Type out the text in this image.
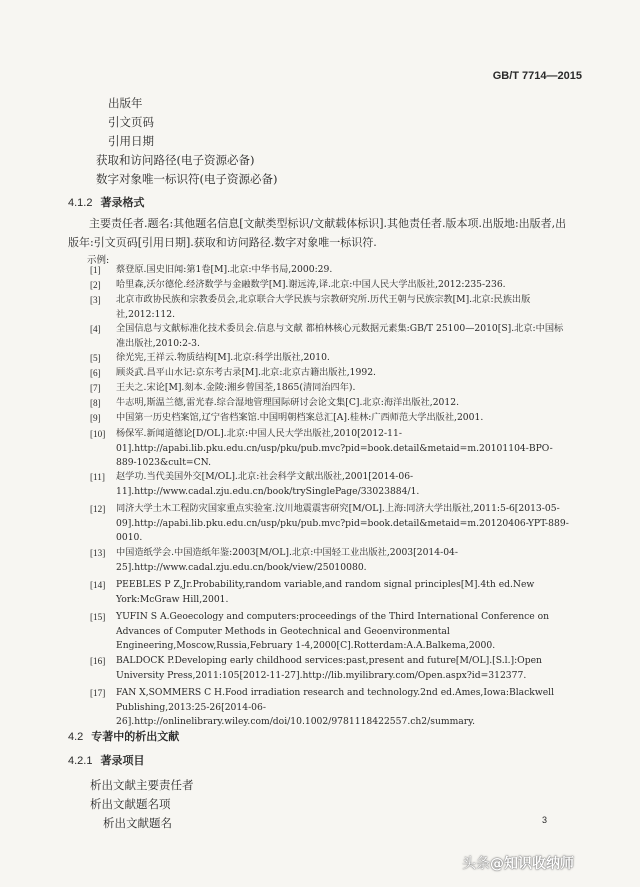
GB/T 7714—2015
出版年
引文页码
引用日期
获取和访问路径(电子资源必备)
数字对象唯一标识符(电子资源必备)
4.1.2 著录格式
主要责任者.题名:其他题名信息[文献类型标识/文献载体标识].其他责任者.版本项.出版地:出版者,出版年:引文页码[引用日期].获取和访问路径.数字对象唯一标识符.
示例:
[1] 蔡登原.国史旧闻:第1卷[M].北京:中华书局,2000:29.
[2] 哈里森,沃尔德伦.经济数学与金融数学[M].谢远涛,译.北京:中国人民大学出版社,2012:235-236.
[3] 北京市政协民族和宗教委员会,北京联合大学民族与宗教研究所.历代王朝与民族宗教[M].北京:民族出版社,2012:112.
[4] 全国信息与文献标准化技术委员会.信息与文献 都柏林核心元数据元素集:GB/T 25100—2010[S].北京:中国标准出版社,2010:2-3.
[5] 徐光宪,王祥云.物质结构[M].北京:科学出版社,2010.
[6] 顾炎武.昌平山水记:京东考古录[M].北京:北京古籍出版社,1992.
[7] 王夫之.宋论[M].刻本.金陵:湘乡曾国荃,1865(清同治四年).
[8] 牛志明,斯温兰德,雷光春.综合湿地管理国际研讨会论文集[C].北京:海洋出版社,2012.
[9] 中国第一历史档案馆,辽宁省档案馆.中国明朝档案总汇[A].桂林:广西师范大学出版社,2001.
[10] 杨保军.新闻道德论[D/OL].北京:中国人民大学出版社,2010[2012-11-01].http://apabi.lib.pku.edu.cn/usp/pku/pub.mvc?pid=book.detail&metaid=m.20101104-BPO-889-1023&cult=CN.
[11] 赵学功.当代美国外交[M/OL].北京:社会科学文献出版社,2001[2014-06-11].http://www.cadal.zju.edu.cn/book/trySinglePage/33023884/1.
[12] 同济大学土木工程防灾国家重点实验室.汶川地震震害研究[M/OL].上海:同济大学出版社,2011:5-6[2013-05-09].http://apabi.lib.pku.edu.cn/usp/pku/pub.mvc?pid=book.detail&metaid=m.20120406-YPT-889-0010.
[13] 中国造纸学会.中国造纸年鉴:2003[M/OL].北京:中国轻工业出版社,2003[2014-04-25].http://www.cadal.zju.edu.cn/book/view/25010080.
[14] PEEBLES P Z,Jr.Probability,random variable,and random signal principles[M].4th ed.New York:McGraw Hill,2001.
[15] YUFIN S A.Geoecology and computers:proceedings of the Third International Conference on Advances of Computer Methods in Geotechnical and Geoenvironmental Engineering,Moscow,Russia,February 1-4,2000[C].Rotterdam:A.A.Balkema,2000.
[16] BALDOCK P.Developing early childhood services:past,present and future[M/OL].[S.l.]:Open University Press,2011:105[2012-11-27].http://lib.myilibrary.com/Open.aspx?id=312377.
[17] FAN X,SOMMERS C H.Food irradiation research and technology.2nd ed.Ames,Iowa:Blackwell Publishing,2013:25-26[2014-06-26].http://onlinelibrary.wiley.com/doi/10.1002/9781118422557.ch2/summary.
4.2 专著中的析出文献
4.2.1 著录项目
析出文献主要责任者
析出文献题名项
析出文献题名	3
头条@知识收纳师
